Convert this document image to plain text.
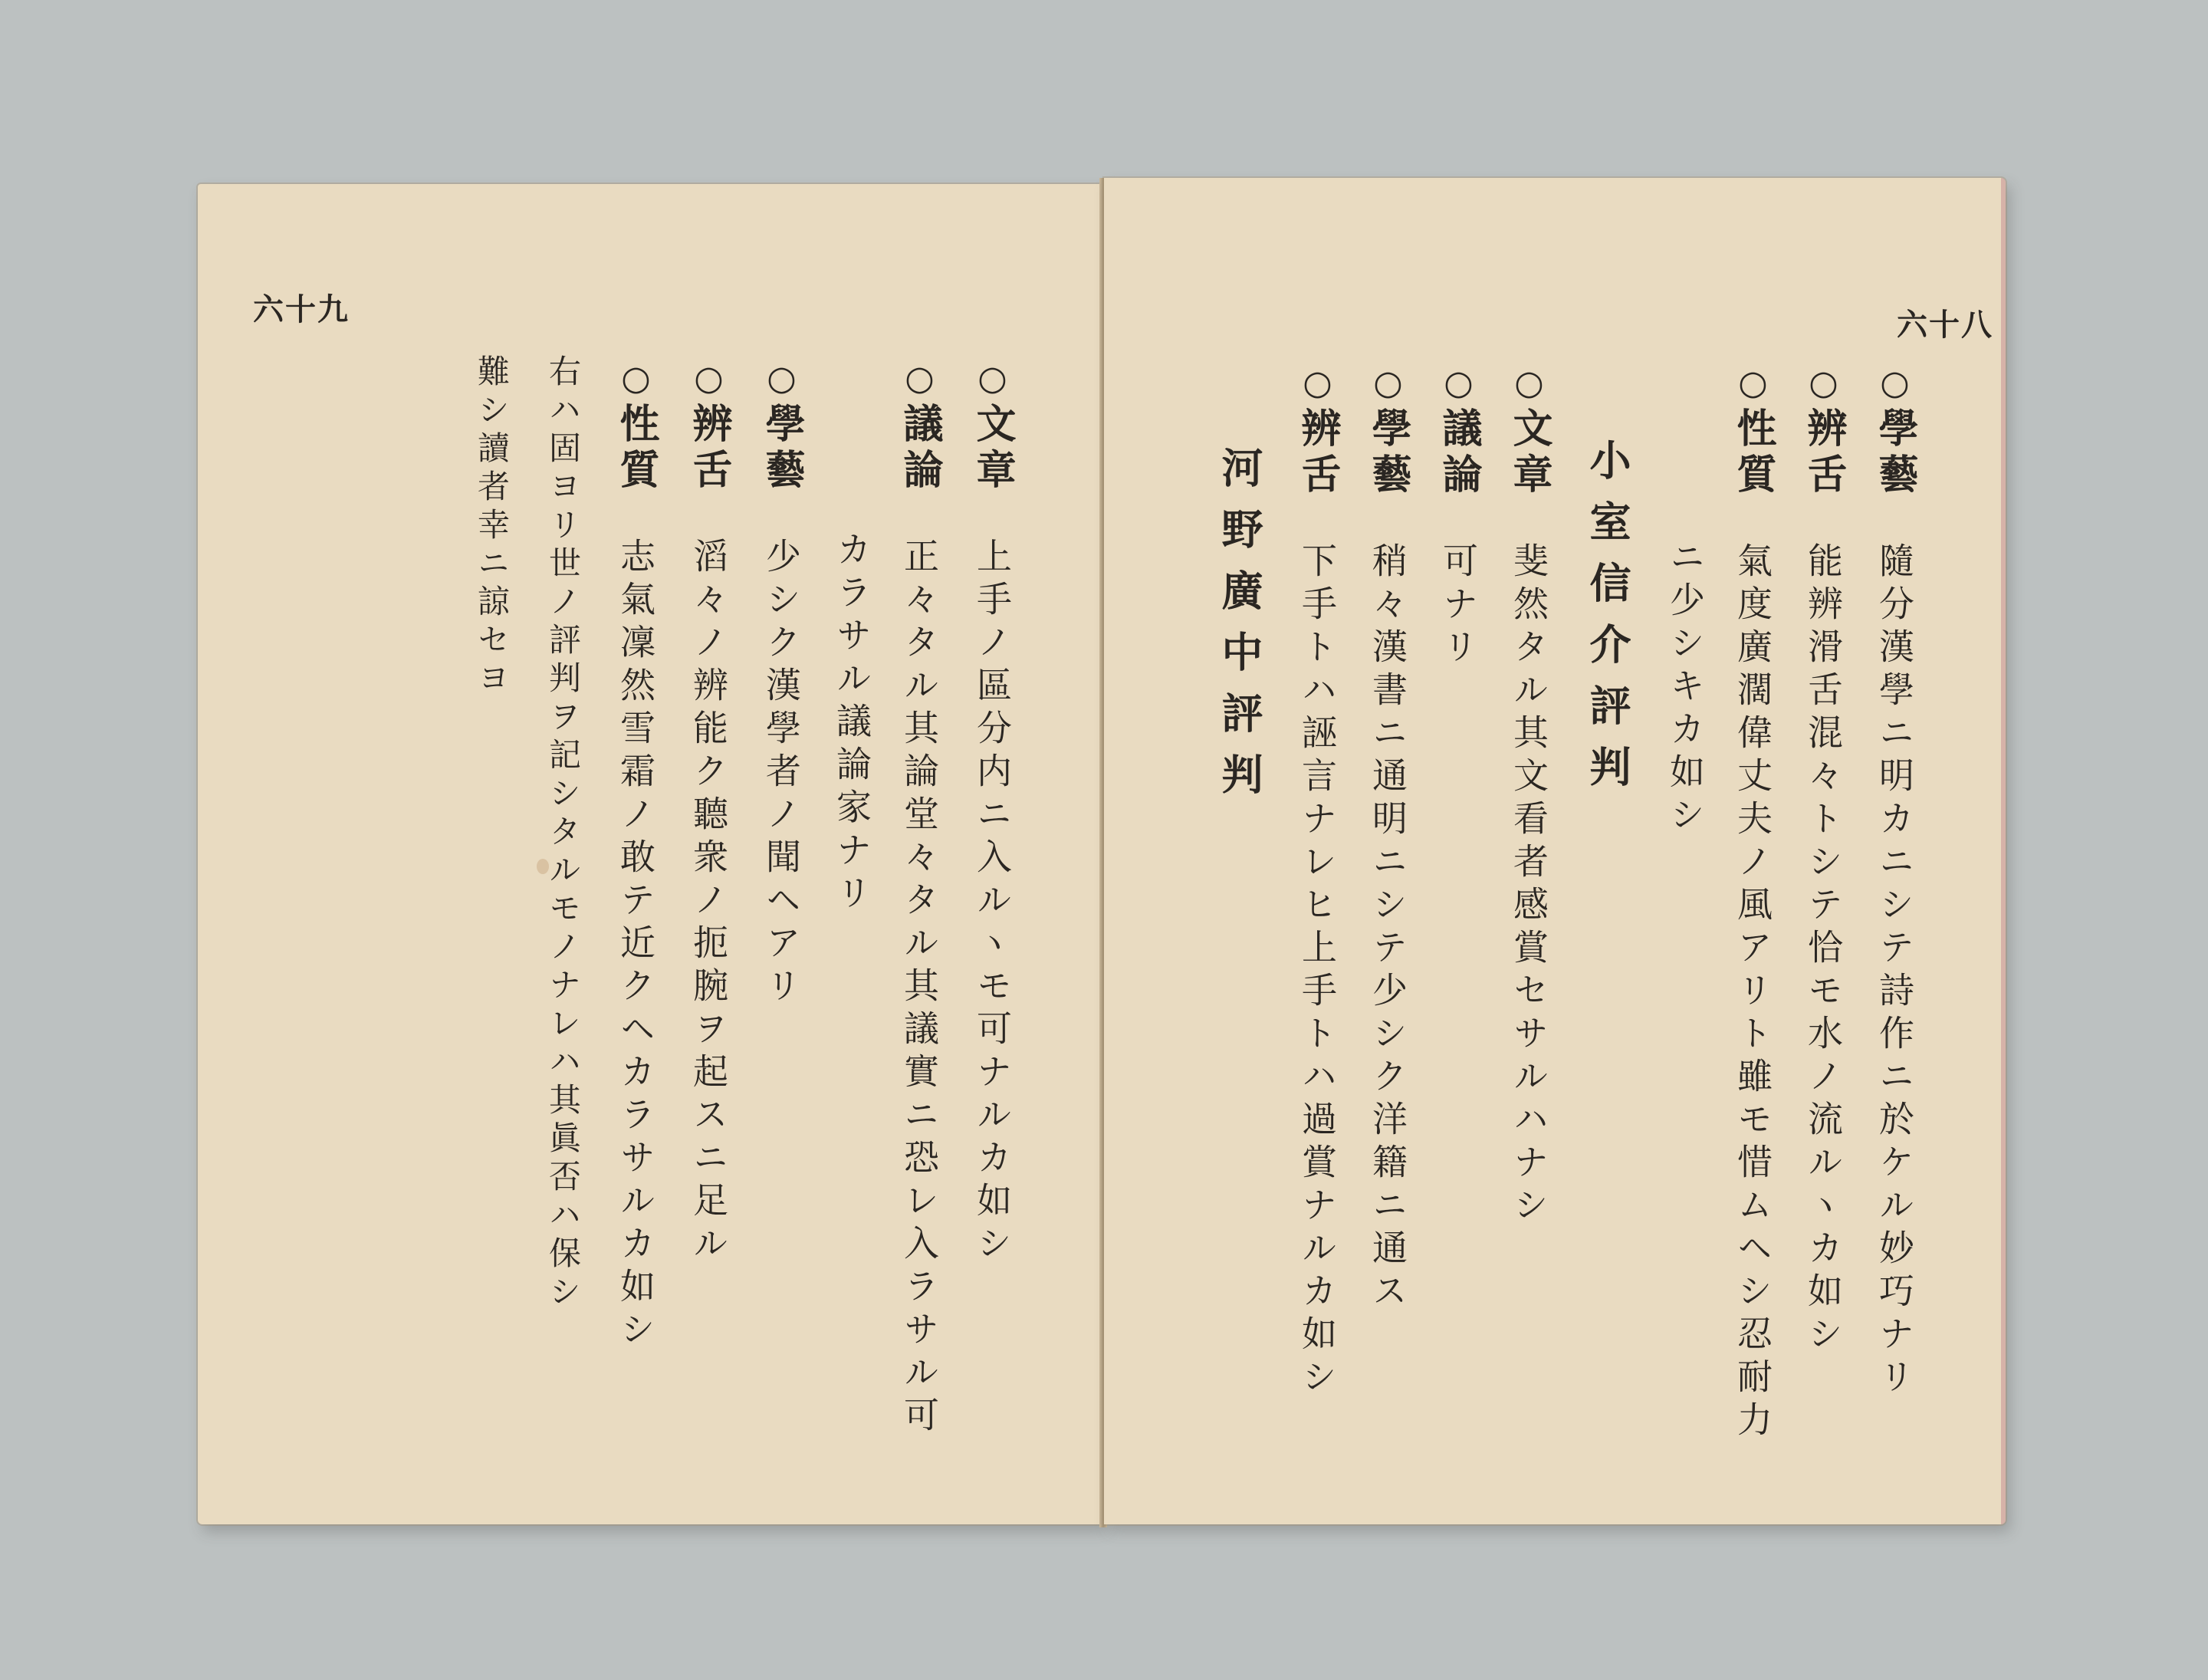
六十九
○文章　上手ノ區分内ニ入ルヽモ可ナルカ如シ
○議論　正々タル其論堂々タル其議實ニ恐レ入ラサル可
カラサル議論家ナリ
○學藝　少シク漢學者ノ聞ヘアリ
○辨舌　滔々ノ辨能ク聽衆ノ扼腕ヲ起スニ足ル
○性質　志氣凜然雪霜ノ敢テ近クヘカラサルカ如シ
右ハ固ヨリ世ノ評判ヲ記シタルモノナレハ其眞否ハ保シ
難シ讀者幸ニ諒セヨ
六十八
○學藝　隨分漢學ニ明カニシテ詩作ニ於ケル妙巧ナリ
○辨舌　能辨滑舌混々トシテ恰モ水ノ流ルヽカ如シ
○性質　氣度廣濶偉丈夫ノ風アリト雖モ惜ムヘシ忍耐力
ニ少シキカ如シ
小室信介評判
○文章　斐然タル其文看者感賞セサルハナシ
○議論　可ナリ
○學藝　稍々漢書ニ通明ニシテ少シク洋籍ニ通ス
○辨舌　下手トハ誣言ナレヒ上手トハ過賞ナルカ如シ
河野廣中評判
